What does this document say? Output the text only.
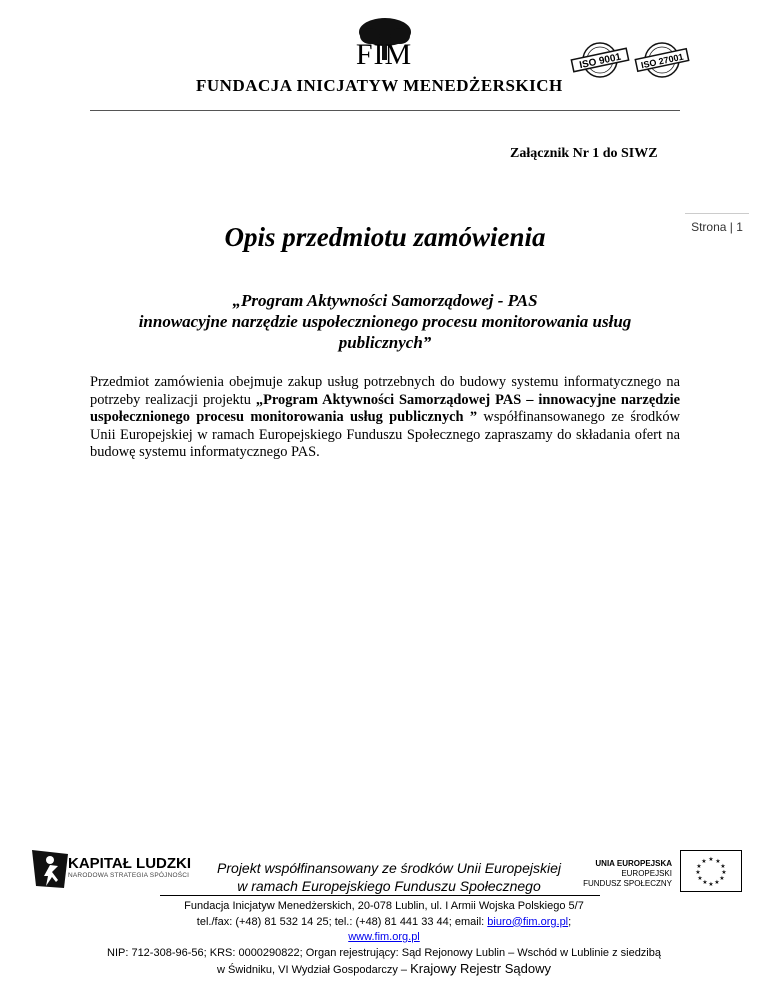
FIM
FUNDACJA INICJATYW MENEDŻERSKICH
ISO 9001 ISO 27001
Załącznik Nr 1 do SIWZ
Strona | 1
Opis przedmiotu zamówienia
„Program Aktywności Samorządowej - PAS
innowacyjne narzędzie uspołecznionego procesu monitorowania usług
publicznych”
Przedmiot zamówienia obejmuje zakup usług potrzebnych do budowy systemu informatycznego na potrzeby realizacji projektu „Program Aktywności Samorządowej PAS – innowacyjne narzędzie uspołecznionego procesu monitorowania usług publicznych ” współfinansowanego ze środków Unii Europejskiej w ramach Europejskiego Funduszu Społecznego zapraszamy do składania ofert na budowę systemu informatycznego PAS.
KAPITAŁ LUDZKI
NARODOWA STRATEGIA SPÓJNOŚCI	Projekt współfinansowany ze środków Unii Europejskiej
w ramach Europejskiego Funduszu Społecznego
UNIA EUROPEJSKA
EUROPEJSKI
FUNDUSZ SPOŁECZNY
★ ★
★
★
★
★
★
★
★
★
★
★
Fundacja Inicjatyw Menedżerskich, 20-078 Lublin, ul. I Armii Wojska Polskiego 5/7
tel./fax: (+48) 81 532 14 25; tel.: (+48) 81 441 33 44; email: biuro@fim.org.pl;
www.fim.org.pl
NIP: 712-308-96-56; KRS: 0000290822; Organ rejestrujący: Sąd Rejonowy Lublin – Wschód w Lublinie z siedzibą
w Świdniku, VI Wydział Gospodarczy – Krajowy Rejestr Sądowy
